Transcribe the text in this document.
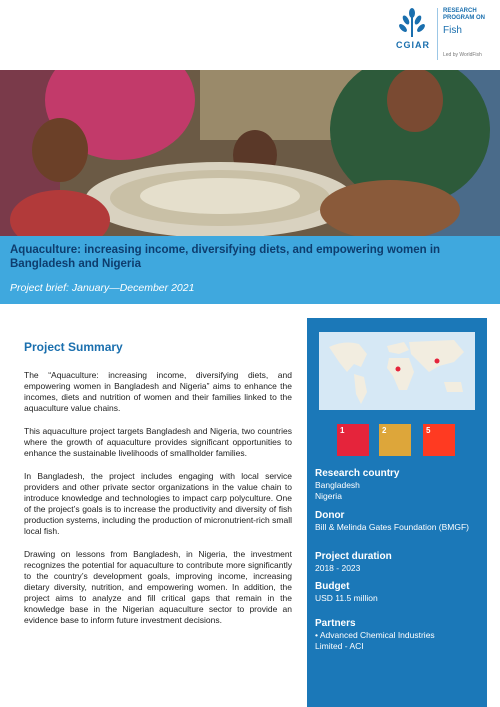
CGIAR
RESEARCH
PROGRAM ON
Fish
Led by WorldFish
Aquaculture: increasing income, diversifying diets, and empowering women in Bangladesh and Nigeria
Project brief: January—December 2021
Project Summary

The “Aquaculture: increasing income, diversifying diets, and empowering women in Bangladesh and Nigeria” aims to enhance the incomes, diets and nutrition of women and their families linked to the aquaculture value chains.

This aquaculture project targets Bangladesh and Nigeria, two countries where the growth of aquaculture provides significant opportunities to enhance the sustainable livelihoods of smallholder families.

In Bangladesh, the project includes engaging with local service providers and other private sector organizations in the value chain to introduce knowledge and technologies to impact carp polyculture. One of the project’s goals is to increase the productivity and diversity of fish production systems, including the production of micronutrient-rich small local fish.

Drawing on lessons from Bangladesh, in Nigeria, the investment recognizes the potential for aquaculture to contribute more significantly to the country’s development goals, improving income, increasing dietary diversity, nutrition, and empowering women. In addition, the project aims to analyze and fill critical gaps that remain in the knowledge base in the Nigerian aquaculture sector to provide an evidence base to inform future investment decisions.

1	2	5

Research country

Bangladesh

Nigeria

Donor

Bill & Melinda Gates Foundation (BMGF)

Project duration

2018 - 2023

Budget

USD 11.5 million

Partners

• Advanced Chemical Industries Limited - ACI
